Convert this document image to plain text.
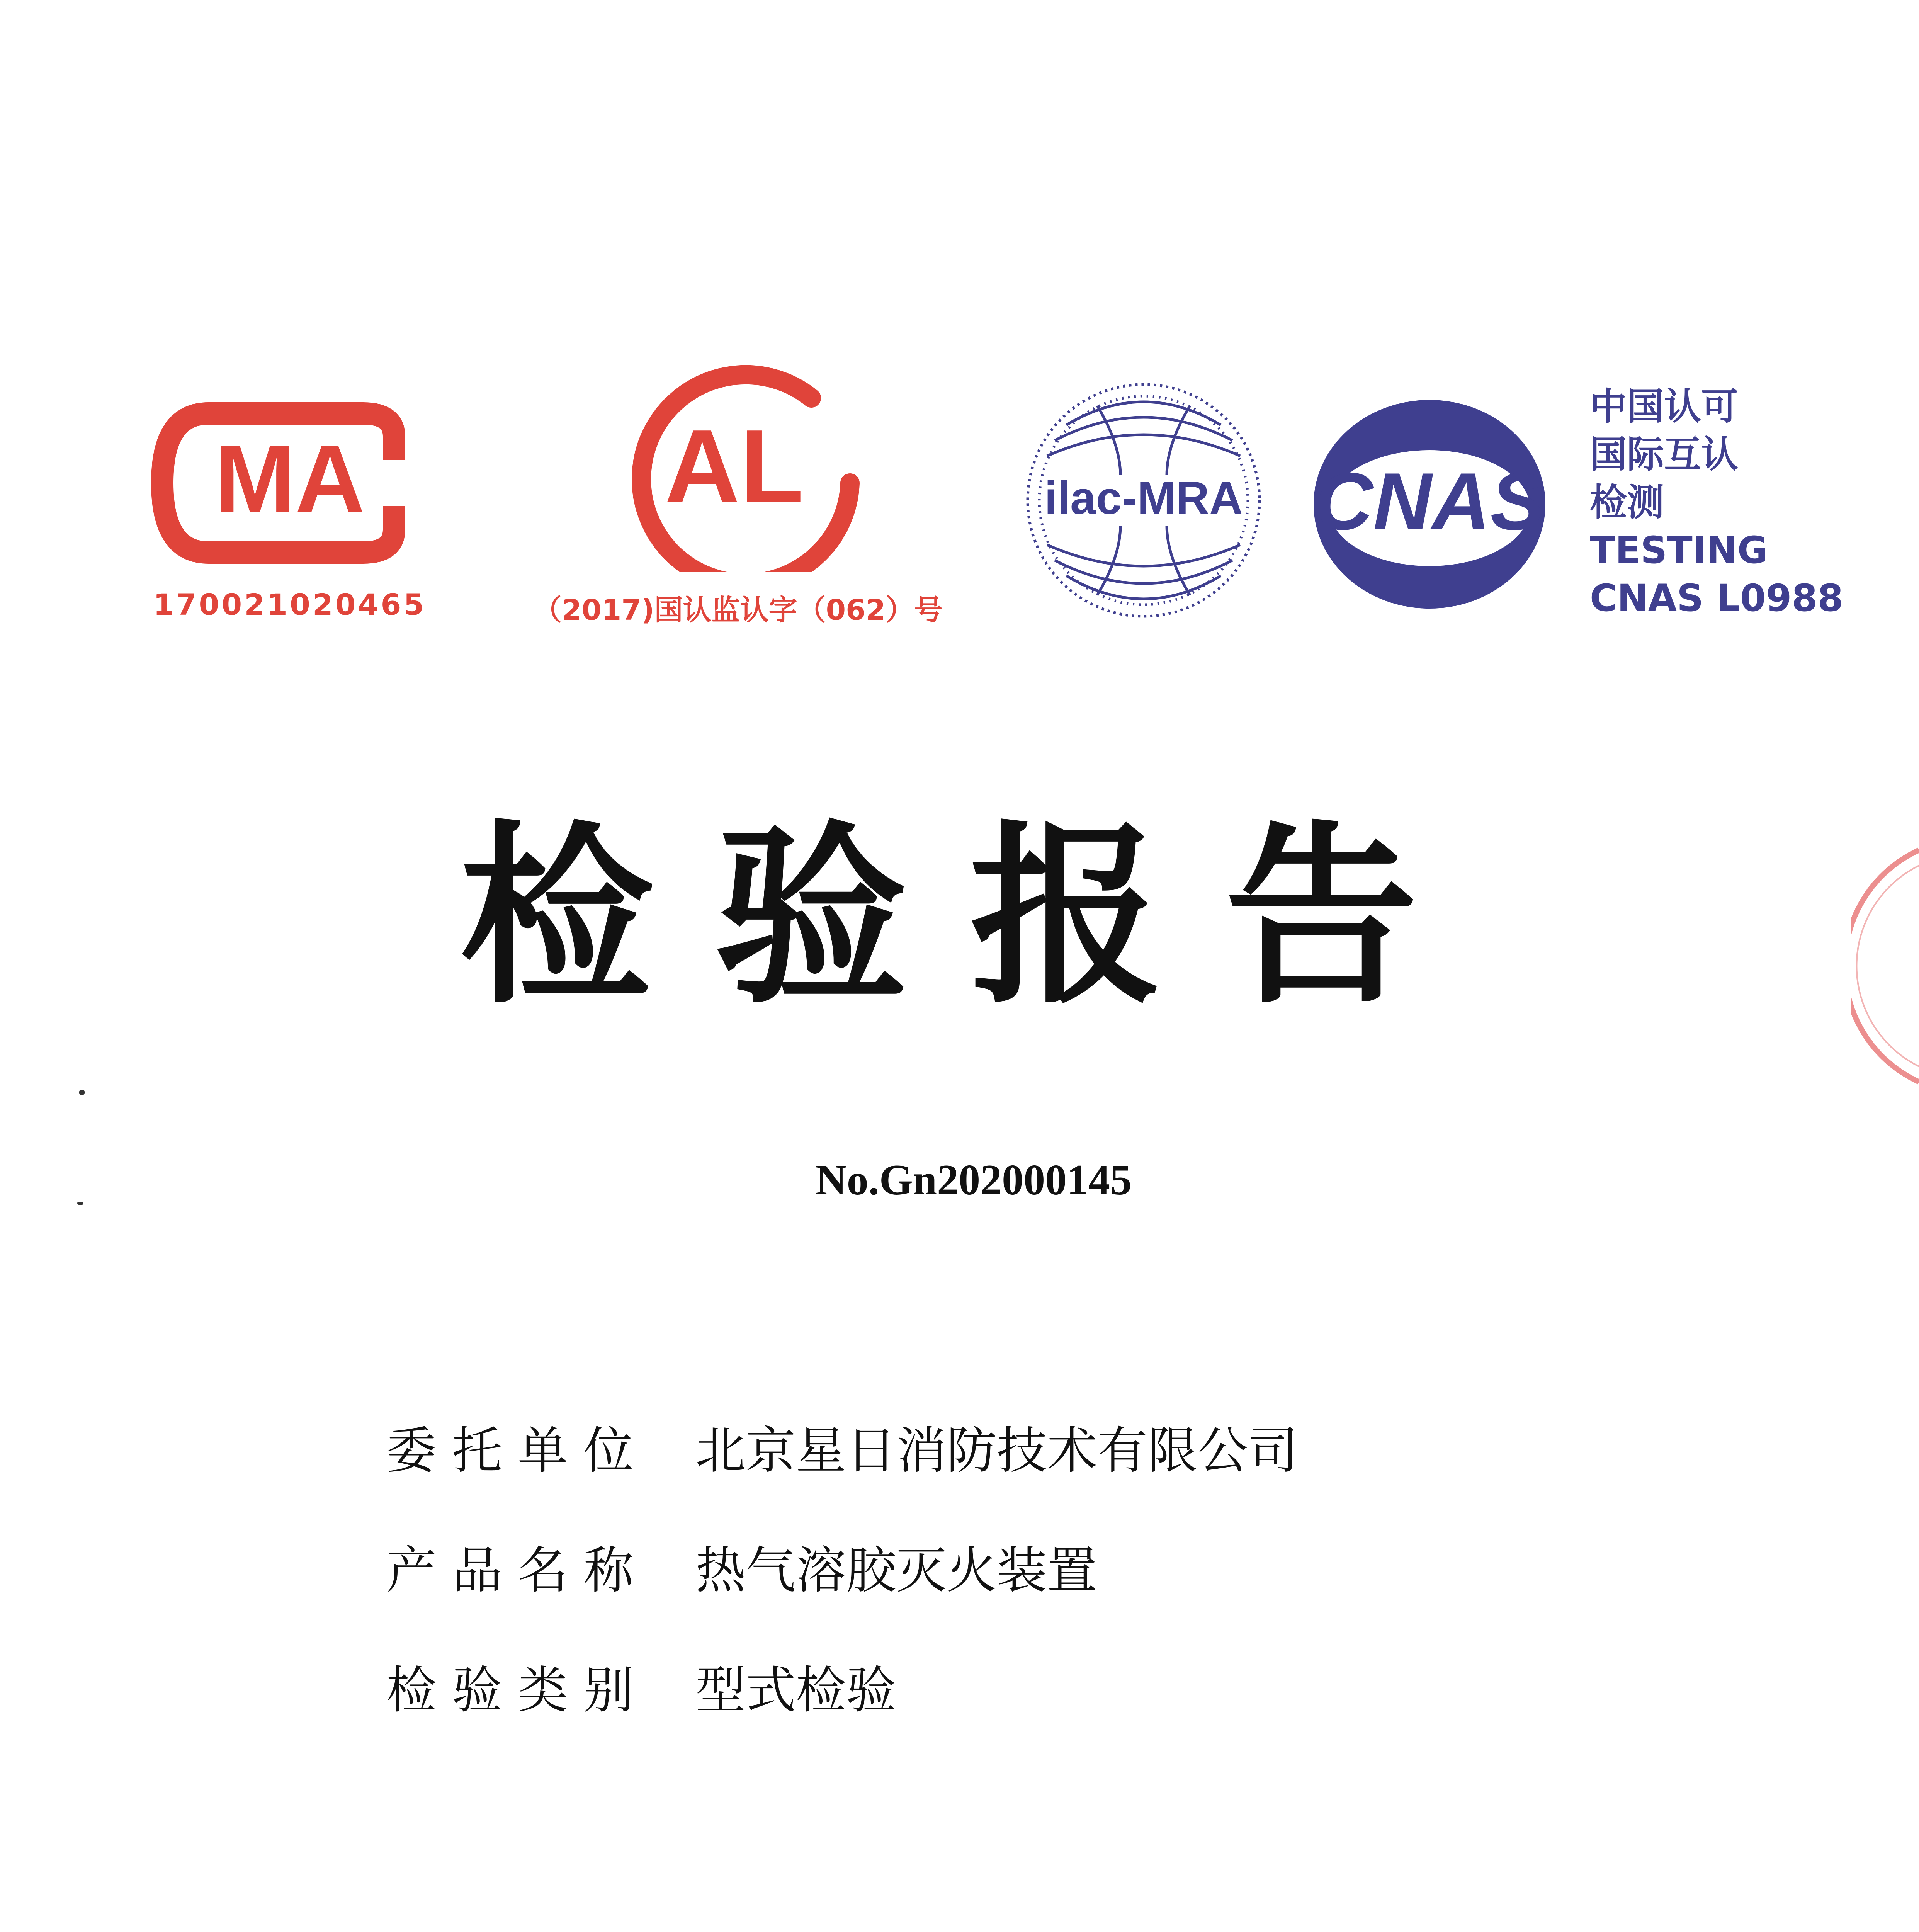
MA
170021020465
AL
（2017)国认监认字（062）号
ilac-MRA CNAS
中国认可
国际互认
检测
TESTING
CNAS L0988
检验报告
No.Gn202000145
委托单位 北京星日消防技术有限公司
产品名称 热气溶胶灭火装置
检验类别 型式检验
